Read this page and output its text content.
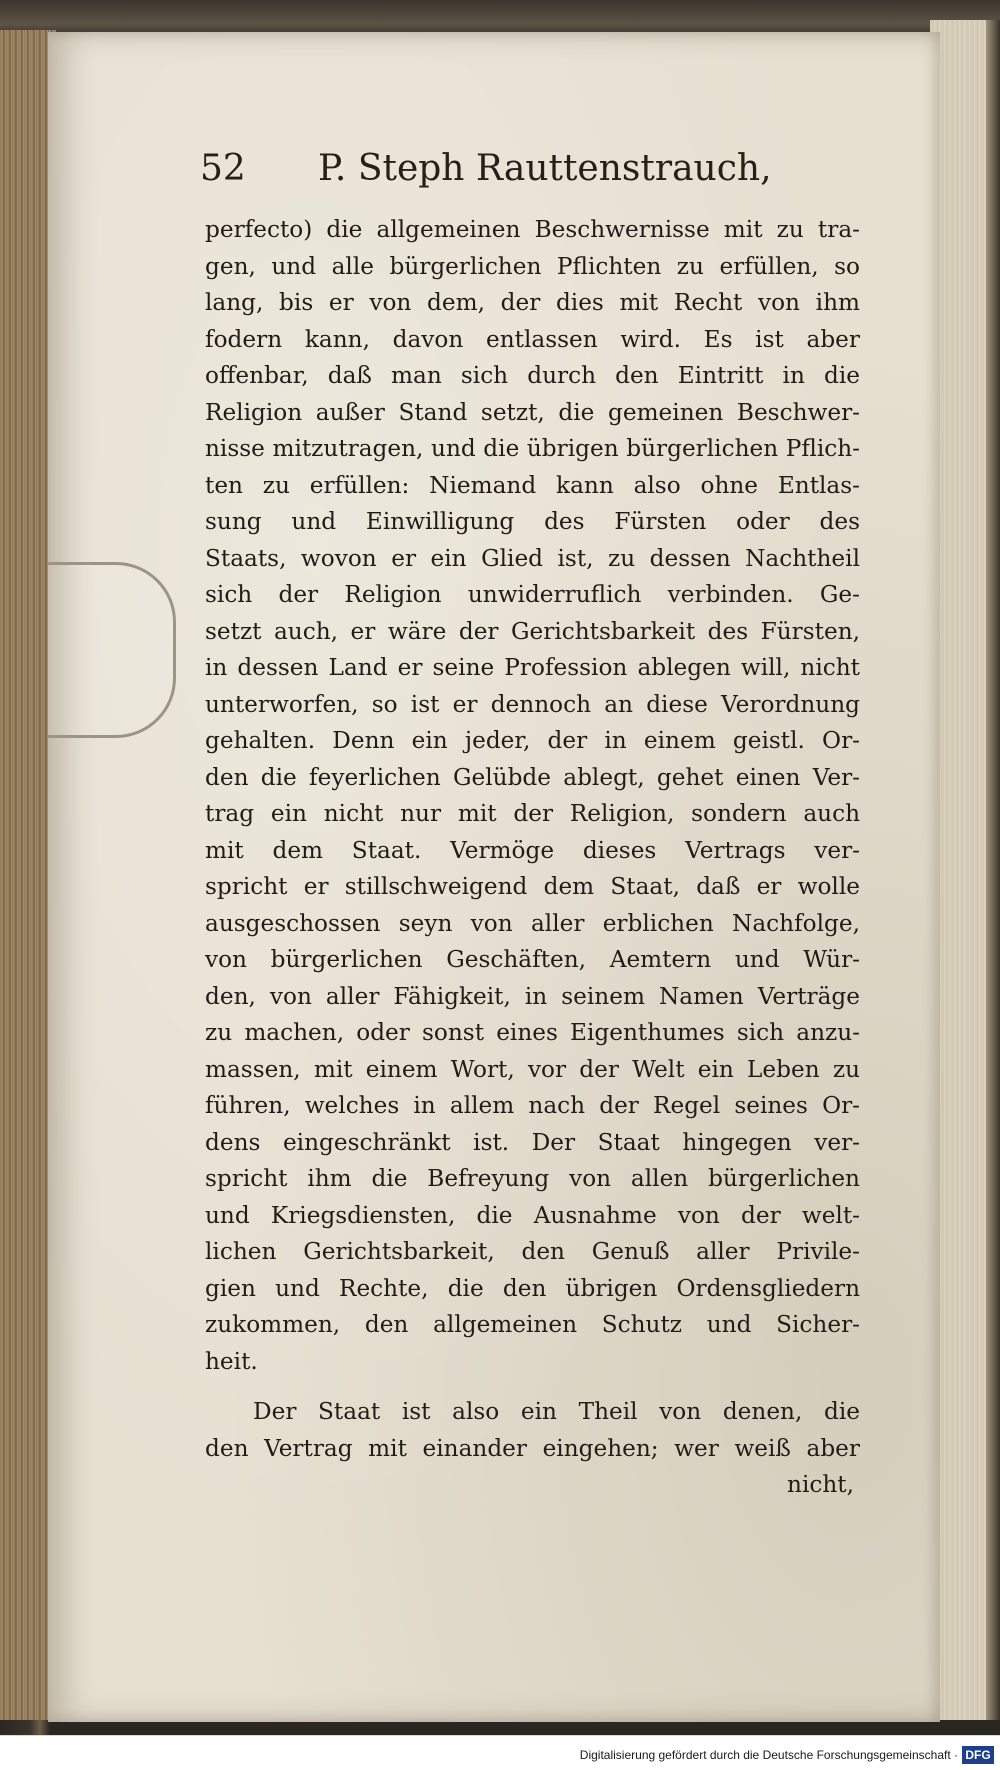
52 P. Steph Rauttenstrauch,
perfecto) die allgemeinen Beschwernisse mit zu tra-
gen, und alle bürgerlichen Pflichten zu erfüllen, so
lang, bis er von dem, der dies mit Recht von ihm
fodern kann, davon entlassen wird. Es ist aber
offenbar, daß man sich durch den Eintritt in die
Religion außer Stand setzt, die gemeinen Beschwer-
nisse mitzutragen, und die übrigen bürgerlichen Pflich-
ten zu erfüllen: Niemand kann also ohne Entlas-
sung und Einwilligung des Fürsten oder des
Staats, wovon er ein Glied ist, zu dessen Nachtheil
sich der Religion unwiderruflich verbinden. Ge-
setzt auch, er wäre der Gerichtsbarkeit des Fürsten,
in dessen Land er seine Profession ablegen will, nicht
unterworfen, so ist er dennoch an diese Verordnung
gehalten. Denn ein jeder, der in einem geistl. Or-
den die feyerlichen Gelübde ablegt, gehet einen Ver-
trag ein nicht nur mit der Religion, sondern auch
mit dem Staat. Vermöge dieses Vertrags ver-
spricht er stillschweigend dem Staat, daß er wolle
ausgeschossen seyn von aller erblichen Nachfolge,
von bürgerlichen Geschäften, Aemtern und Wür-
den, von aller Fähigkeit, in seinem Namen Verträge
zu machen, oder sonst eines Eigenthumes sich anzu-
massen, mit einem Wort, vor der Welt ein Leben zu
führen, welches in allem nach der Regel seines Or-
dens eingeschränkt ist. Der Staat hingegen ver-
spricht ihm die Befreyung von allen bürgerlichen
und Kriegsdiensten, die Ausnahme von der welt-
lichen Gerichtsbarkeit, den Genuß aller Privile-
gien und Rechte, die den übrigen Ordensgliedern
zukommen, den allgemeinen Schutz und Sicher-
heit.
Der Staat ist also ein Theil von denen, die
den Vertrag mit einander eingehen; wer weiß aber
nicht,
Digitalisierung gefördert durch die Deutsche Forschungsgemeinschaft · DFG
